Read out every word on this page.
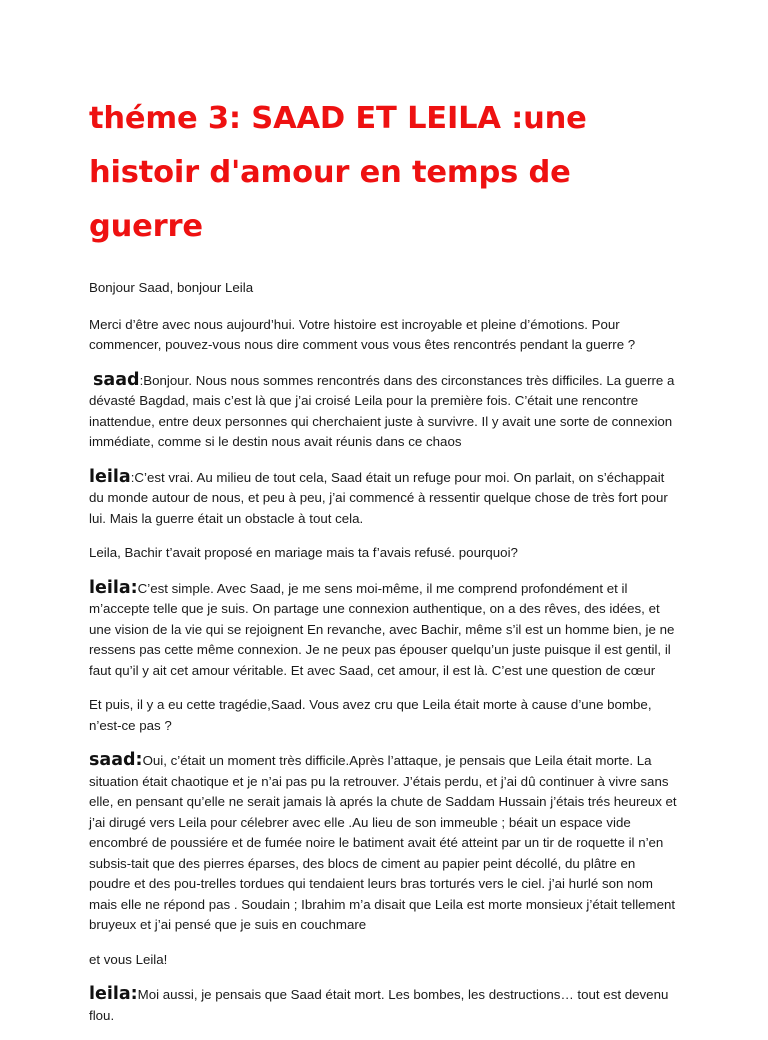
théme 3: SAAD ET LEILA :une histoir d'amour en temps de guerre

Bonjour Saad, bonjour Leila

Merci d’être avec nous aujourd’hui. Votre histoire est incroyable et pleine d’émotions. Pour commencer, pouvez-vous nous dire comment vous vous êtes rencontrés pendant la guerre ?

saad:Bonjour. Nous nous sommes rencontrés dans des circonstances très difficiles. La guerre a dévasté Bagdad, mais c’est là que j’ai croisé Leila pour la première fois. C’était une rencontre inattendue, entre deux personnes qui cherchaient juste à survivre. Il y avait une sorte de connexion immédiate, comme si le destin nous avait réunis dans ce chaos

leila:C’est vrai. Au milieu de tout cela, Saad était un refuge pour moi. On parlait, on s’échappait du monde autour de nous, et peu à peu, j’ai commencé à ressentir quelque chose de très fort pour lui. Mais la guerre était un obstacle à tout cela.

Leila, Bachir t’avait proposé en mariage mais ta f’avais refusé. pourquoi?

leila:C’est simple. Avec Saad, je me sens moi-même, il me comprend profondément et il m’accepte telle que je suis. On partage une connexion authentique, on a des rêves, des idées, et une vision de la vie qui se rejoignent En revanche, avec Bachir, même s’il est un homme bien, je ne ressens pas cette même connexion. Je ne peux pas épouser quelqu’un juste puisque il est gentil, il faut qu’il y ait cet amour véritable. Et avec Saad, cet amour, il est là. C’est une question de cœur

Et puis, il y a eu cette tragédie,Saad. Vous avez cru que Leila était morte à cause d’une bombe, n’est-ce pas ?

saad:Oui, c’était un moment très difficile.Après l’attaque, je pensais que Leila était morte. La situation était chaotique et je n’ai pas pu la retrouver. J’étais perdu, et j’ai dû continuer à vivre sans elle, en pensant qu’elle ne serait jamais là aprés la chute de Saddam Hussain j’étais trés heureux et j’ai dirugé vers Leila pour célebrer avec elle .Au lieu de son immeuble ; béait un espace vide encombré de poussiére et de fumée noire le batiment avait été atteint par un tir de roquette il n’en subsis-tait que des pierres éparses, des blocs de ciment au papier peint décollé, du plâtre en poudre et des pou-trelles tordues qui tendaient leurs bras torturés vers le ciel. j’ai hurlé son nom mais elle ne répond pas . Soudain ; Ibrahim m’a disait que Leila est morte monsieux j’était tellement bruyeux et j’ai pensé que je suis en couchmare

et vous Leila!

leila:Moi aussi, je pensais que Saad était mort. Les bombes, les destructions… tout est devenu flou.
